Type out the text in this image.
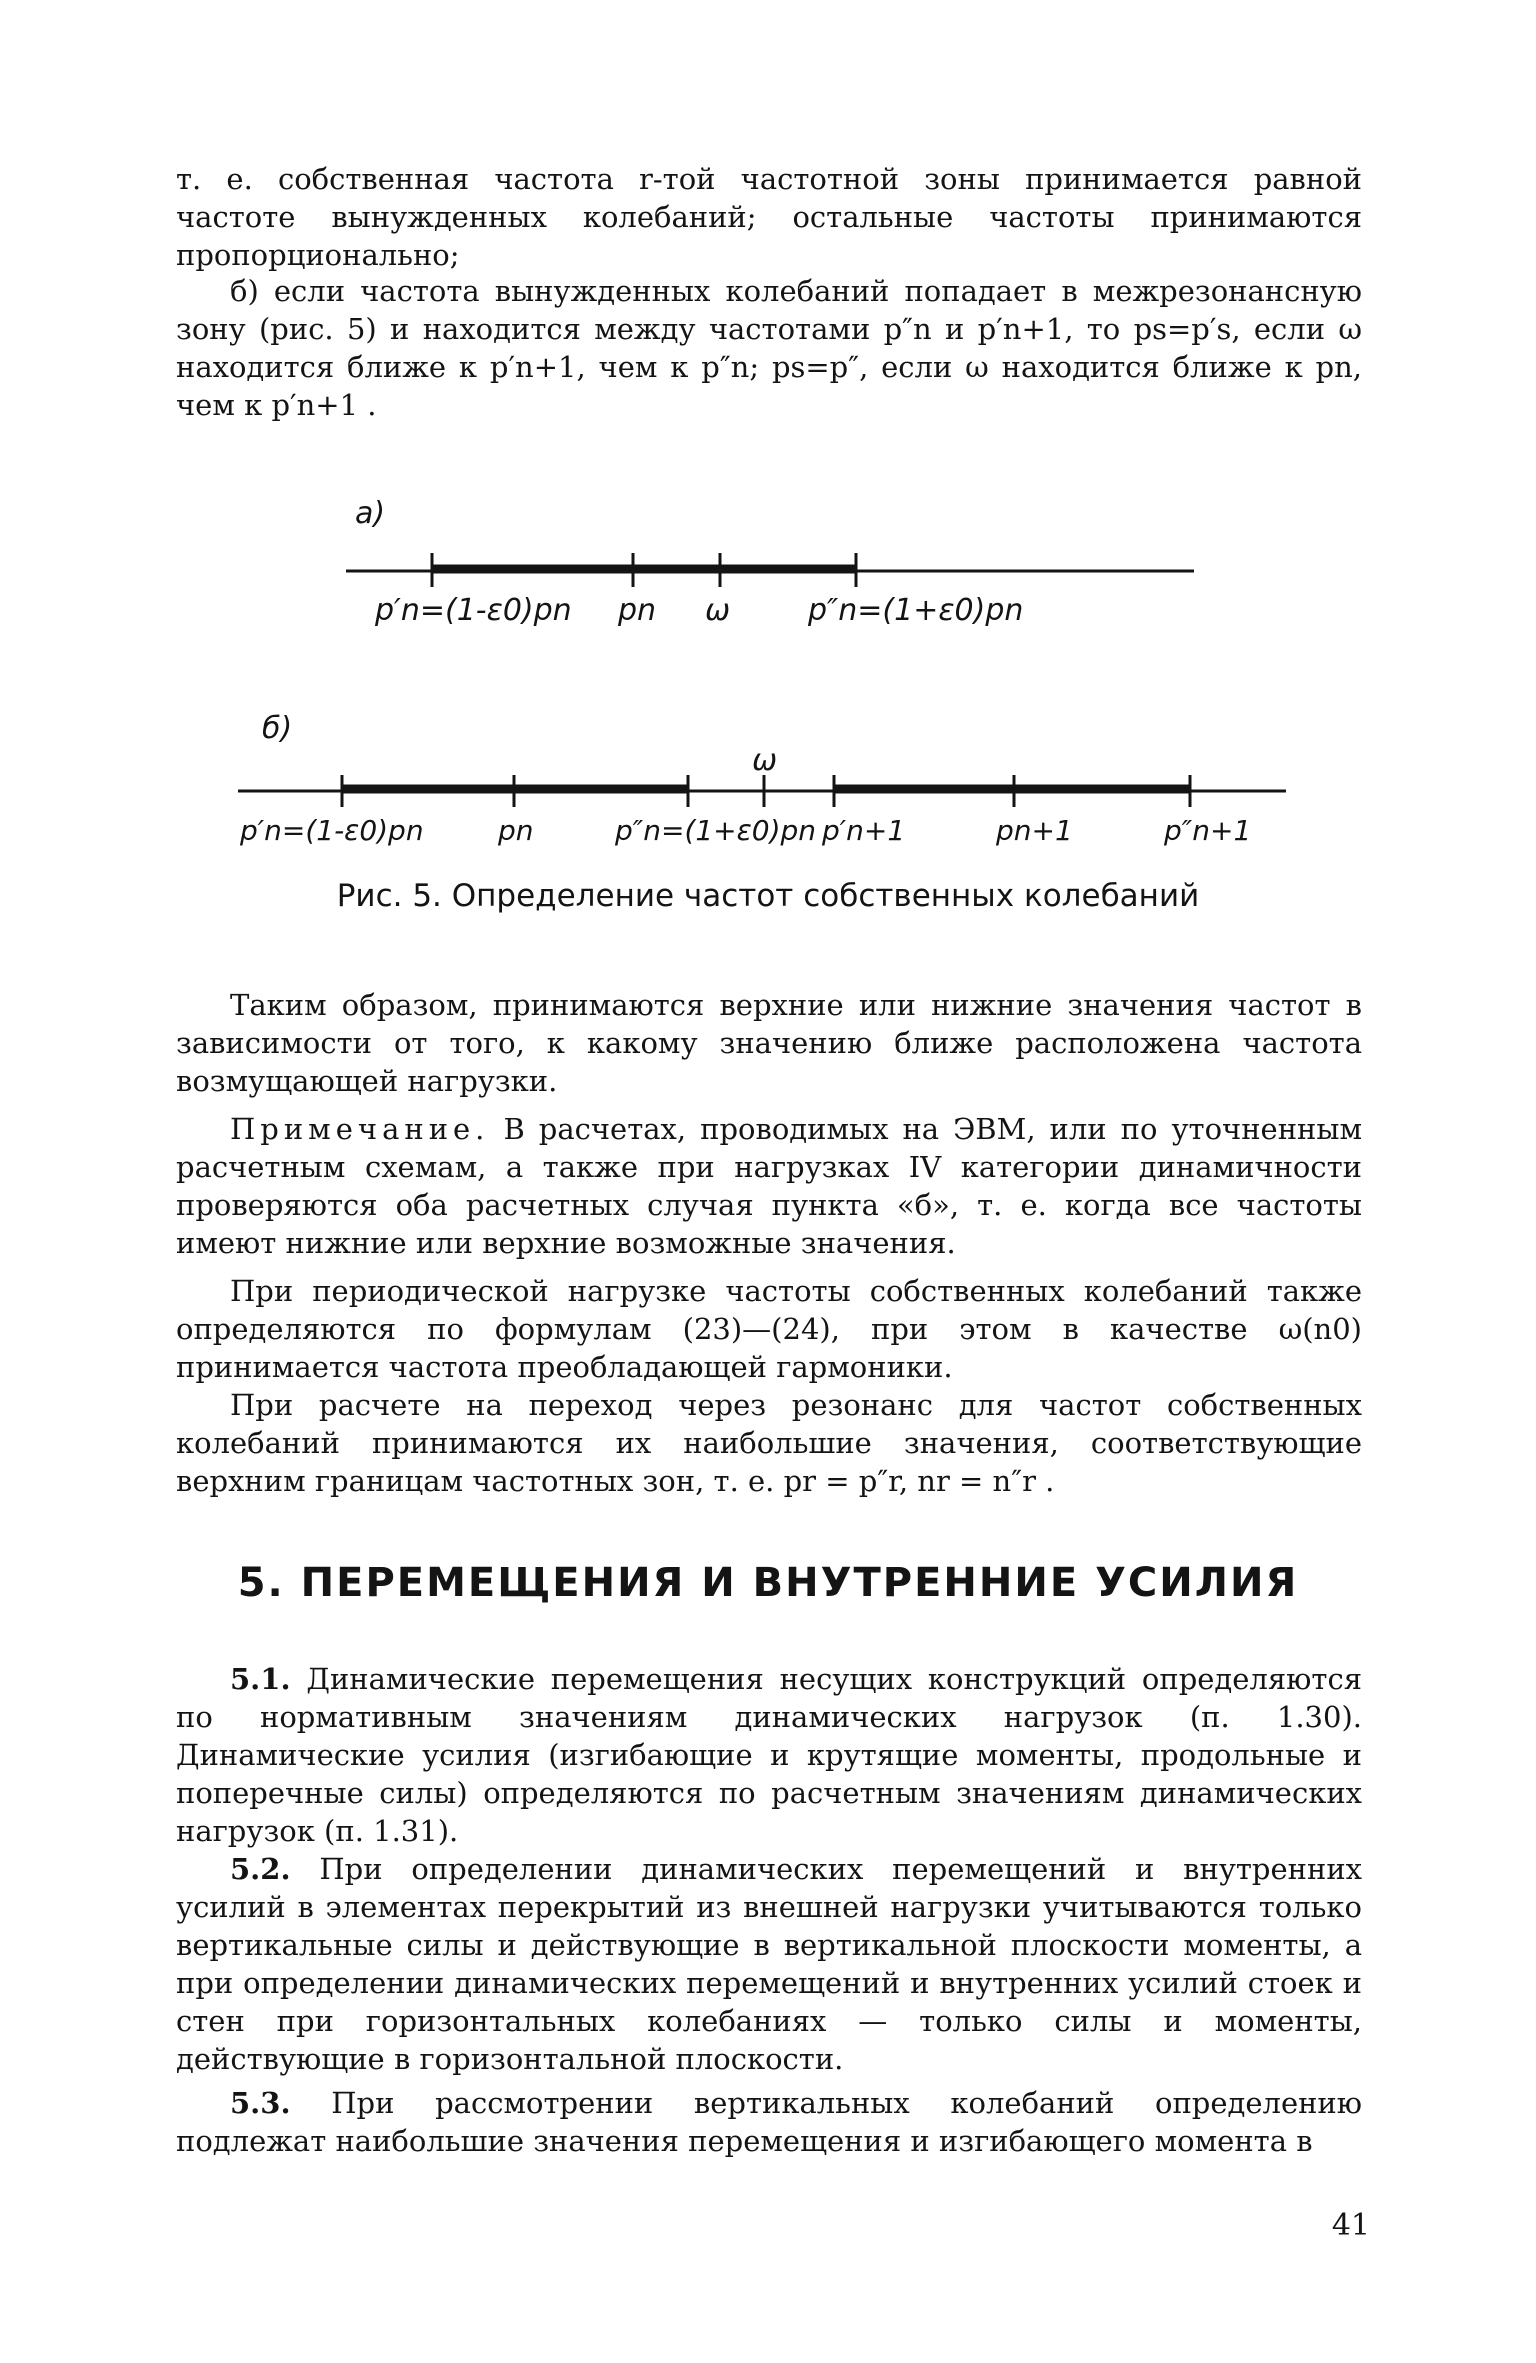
т. е. собственная частота r-той частотной зоны принимается равной частоте вынужденных колебаний; остальные частоты принимаются пропорционально;

б) если частота вынужденных колебаний попадает в межрезонансную зону (рис. 5) и находится между частотами p″n и p′n+1, то ps=p′s, если ω находится ближе к p′n+1, чем к p″n; ps=p″, если ω находится ближе к pn, чем к p′n+1 .

а)
p′n=(1-ε0)pn pn ω	p″n=(1+ε0)pn
б)
ω
p′n=(1-ε0)pn	pn	p″n=(1+ε0)pn p′n+1	pn+1	p″n+1

Рис. 5. Определение частот собственных колебаний

Таким образом, принимаются верхние или нижние значения частот в зависимости от того, к какому значению ближе расположена частота возмущающей нагрузки.

Примечание. В расчетах, проводимых на ЭВМ, или по уточненным расчетным схемам, а также при нагрузках IV категории динамичности проверяются оба расчетных случая пункта «б», т. е. когда все частоты имеют нижние или верхние возможные значения.

При периодической нагрузке частоты собственных колебаний также определяются по формулам (23)—(24), при этом в качестве ω(n0) принимается частота преобладающей гармоники.

При расчете на переход через резонанс для частот собственных колебаний принимаются их наибольшие значения, соответствующие верхним границам частотных зон, т. е. pr = p″r, nr = n″r .

5. ПЕРЕМЕЩЕНИЯ И ВНУТРЕННИЕ УСИЛИЯ

5.1. Динамические перемещения несущих конструкций определяются по нормативным значениям динамических нагрузок (п. 1.30). Динамические усилия (изгибающие и крутящие моменты, продольные и поперечные силы) определяются по расчетным значениям динамических нагрузок (п. 1.31).

5.2. При определении динамических перемещений и внутренних усилий в элементах перекрытий из внешней нагрузки учитываются только вертикальные силы и действующие в вертикальной плоскости моменты, а при определении динамических перемещений и внутренних усилий стоек и стен при горизонтальных колебаниях — только силы и моменты, действующие в горизонтальной плоскости.

5.3. При рассмотрении вертикальных колебаний определению подлежат наибольшие значения перемещения и изгибающего момента в

41
